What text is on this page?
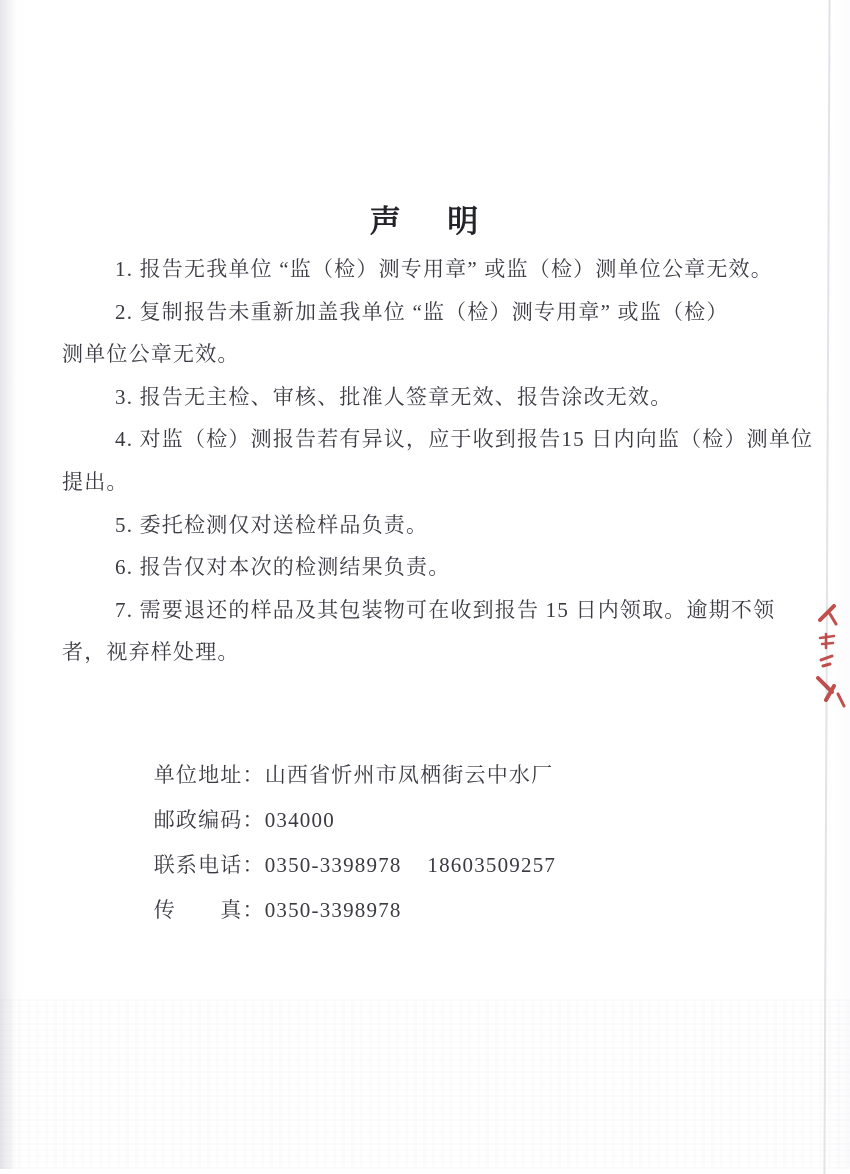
声 明
1. 报告无我单位 “监（检）测专用章” 或监（检）测单位公章无效。
2. 复制报告未重新加盖我单位 “监（检）测专用章” 或监（检）
测单位公章无效。
3. 报告无主检、审核、批准人签章无效、报告涂改无效。
4. 对监（检）测报告若有异议，应于收到报告15 日内向监（检）测单位
提出。
5. 委托检测仅对送检样品负责。
6. 报告仅对本次的检测结果负责。
7. 需要退还的样品及其包装物可在收到报告 15 日内领取。逾期不领
者，视弃样处理。

单位地址：山西省忻州市凤栖街云中水厂

邮政编码：034000

联系电话：0350-3398978    18603509257

传　　真：0350-3398978
